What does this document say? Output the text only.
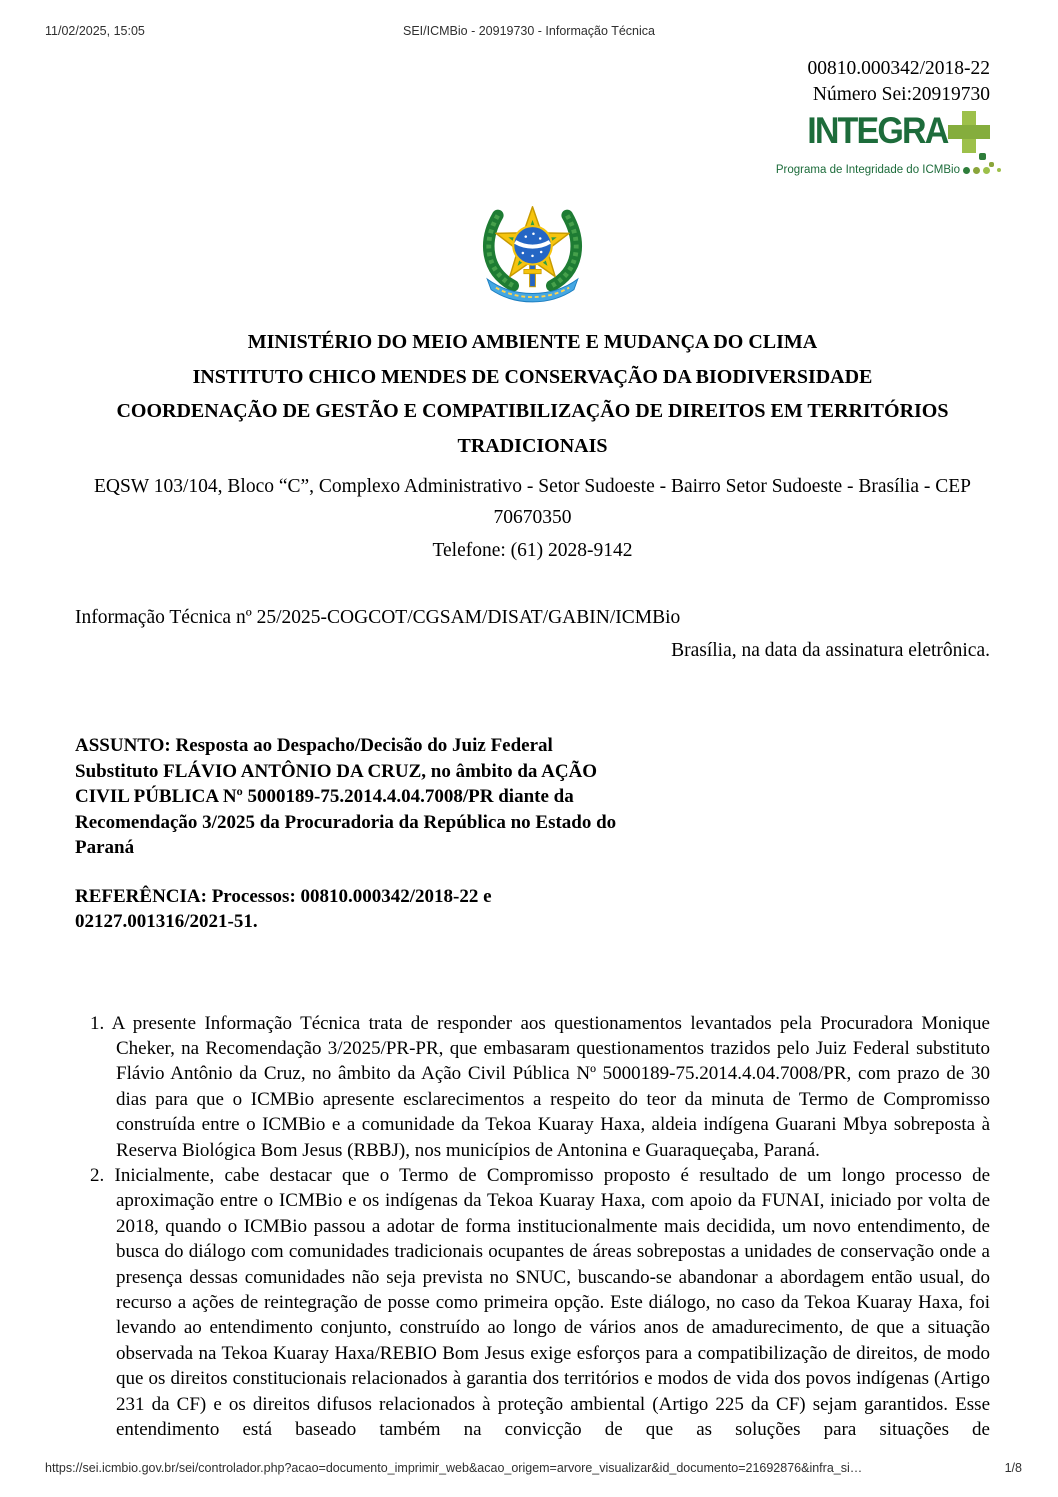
SEI/ICMBio - 20919730 - Informação Técnica
11/02/2025, 15:05
00810.000342/2018-22
Número Sei:20919730
INTEGRA
Programa de Integridade do ICMBio
MINISTÉRIO DO MEIO AMBIENTE E MUDANÇA DO CLIMA
INSTITUTO CHICO MENDES DE CONSERVAÇÃO DA BIODIVERSIDADE
COORDENAÇÃO DE GESTÃO E COMPATIBILIZAÇÃO DE DIREITOS EM TERRITÓRIOS TRADICIONAIS
EQSW 103/104, Bloco “C”, Complexo Administrativo - Setor Sudoeste - Bairro Setor Sudoeste - Brasília - CEP 70670350
Telefone: (61) 2028-9142
Informação Técnica nº 25/2025-COGCOT/CGSAM/DISAT/GABIN/ICMBio
Brasília, na data da assinatura eletrônica.
ASSUNTO: Resposta ao Despacho/Decisão do Juiz Federal Substituto FLÁVIO ANTÔNIO DA CRUZ, no âmbito da AÇÃO CIVIL PÚBLICA Nº 5000189-75.2014.4.04.7008/PR diante da Recomendação 3/2025 da Procuradoria da República no Estado do Paraná
REFERÊNCIA: Processos: 00810.000342/2018-22 e 02127.001316/2021-51.

1. A presente Informação Técnica trata de responder aos questionamentos levantados pela Procuradora Monique Cheker, na Recomendação 3/2025/PR-PR, que embasaram questionamentos trazidos pelo Juiz Federal substituto Flávio Antônio da Cruz, no âmbito da Ação Civil Pública Nº 5000189-75.2014.4.04.7008/PR, com prazo de 30 dias para que o ICMBio apresente esclarecimentos a respeito do teor da minuta de Termo de Compromisso construída entre o ICMBio e a comunidade da Tekoa Kuaray Haxa, aldeia indígena Guarani Mbya sobreposta à Reserva Biológica Bom Jesus (RBBJ), nos municípios de Antonina e Guaraqueçaba, Paraná.

2. Inicialmente, cabe destacar que o Termo de Compromisso proposto é resultado de um longo processo de aproximação entre o ICMBio e os indígenas da Tekoa Kuaray Haxa, com apoio da FUNAI, iniciado por volta de 2018, quando o ICMBio passou a adotar de forma institucionalmente mais decidida, um novo entendimento, de busca do diálogo com comunidades tradicionais ocupantes de áreas sobrepostas a unidades de conservação onde a presença dessas comunidades não seja prevista no SNUC, buscando-se abandonar a abordagem então usual, do recurso a ações de reintegração de posse como primeira opção. Este diálogo, no caso da Tekoa Kuaray Haxa, foi levando ao entendimento conjunto, construído ao longo de vários anos de amadurecimento, de que a situação observada na Tekoa Kuaray Haxa/REBIO Bom Jesus exige esforços para a compatibilização de direitos, de modo que os direitos constitucionais relacionados à garantia dos territórios e modos de vida dos povos indígenas (Artigo 231 da CF) e os direitos difusos relacionados à proteção ambiental (Artigo 225 da CF) sejam garantidos. Esse entendimento está baseado também na convicção de que as soluções para situações de

https://sei.icmbio.gov.br/sei/controlador.php?acao=documento_imprimir_web&acao_origem=arvore_visualizar&id_documento=21692876&infra_si…	1/8
